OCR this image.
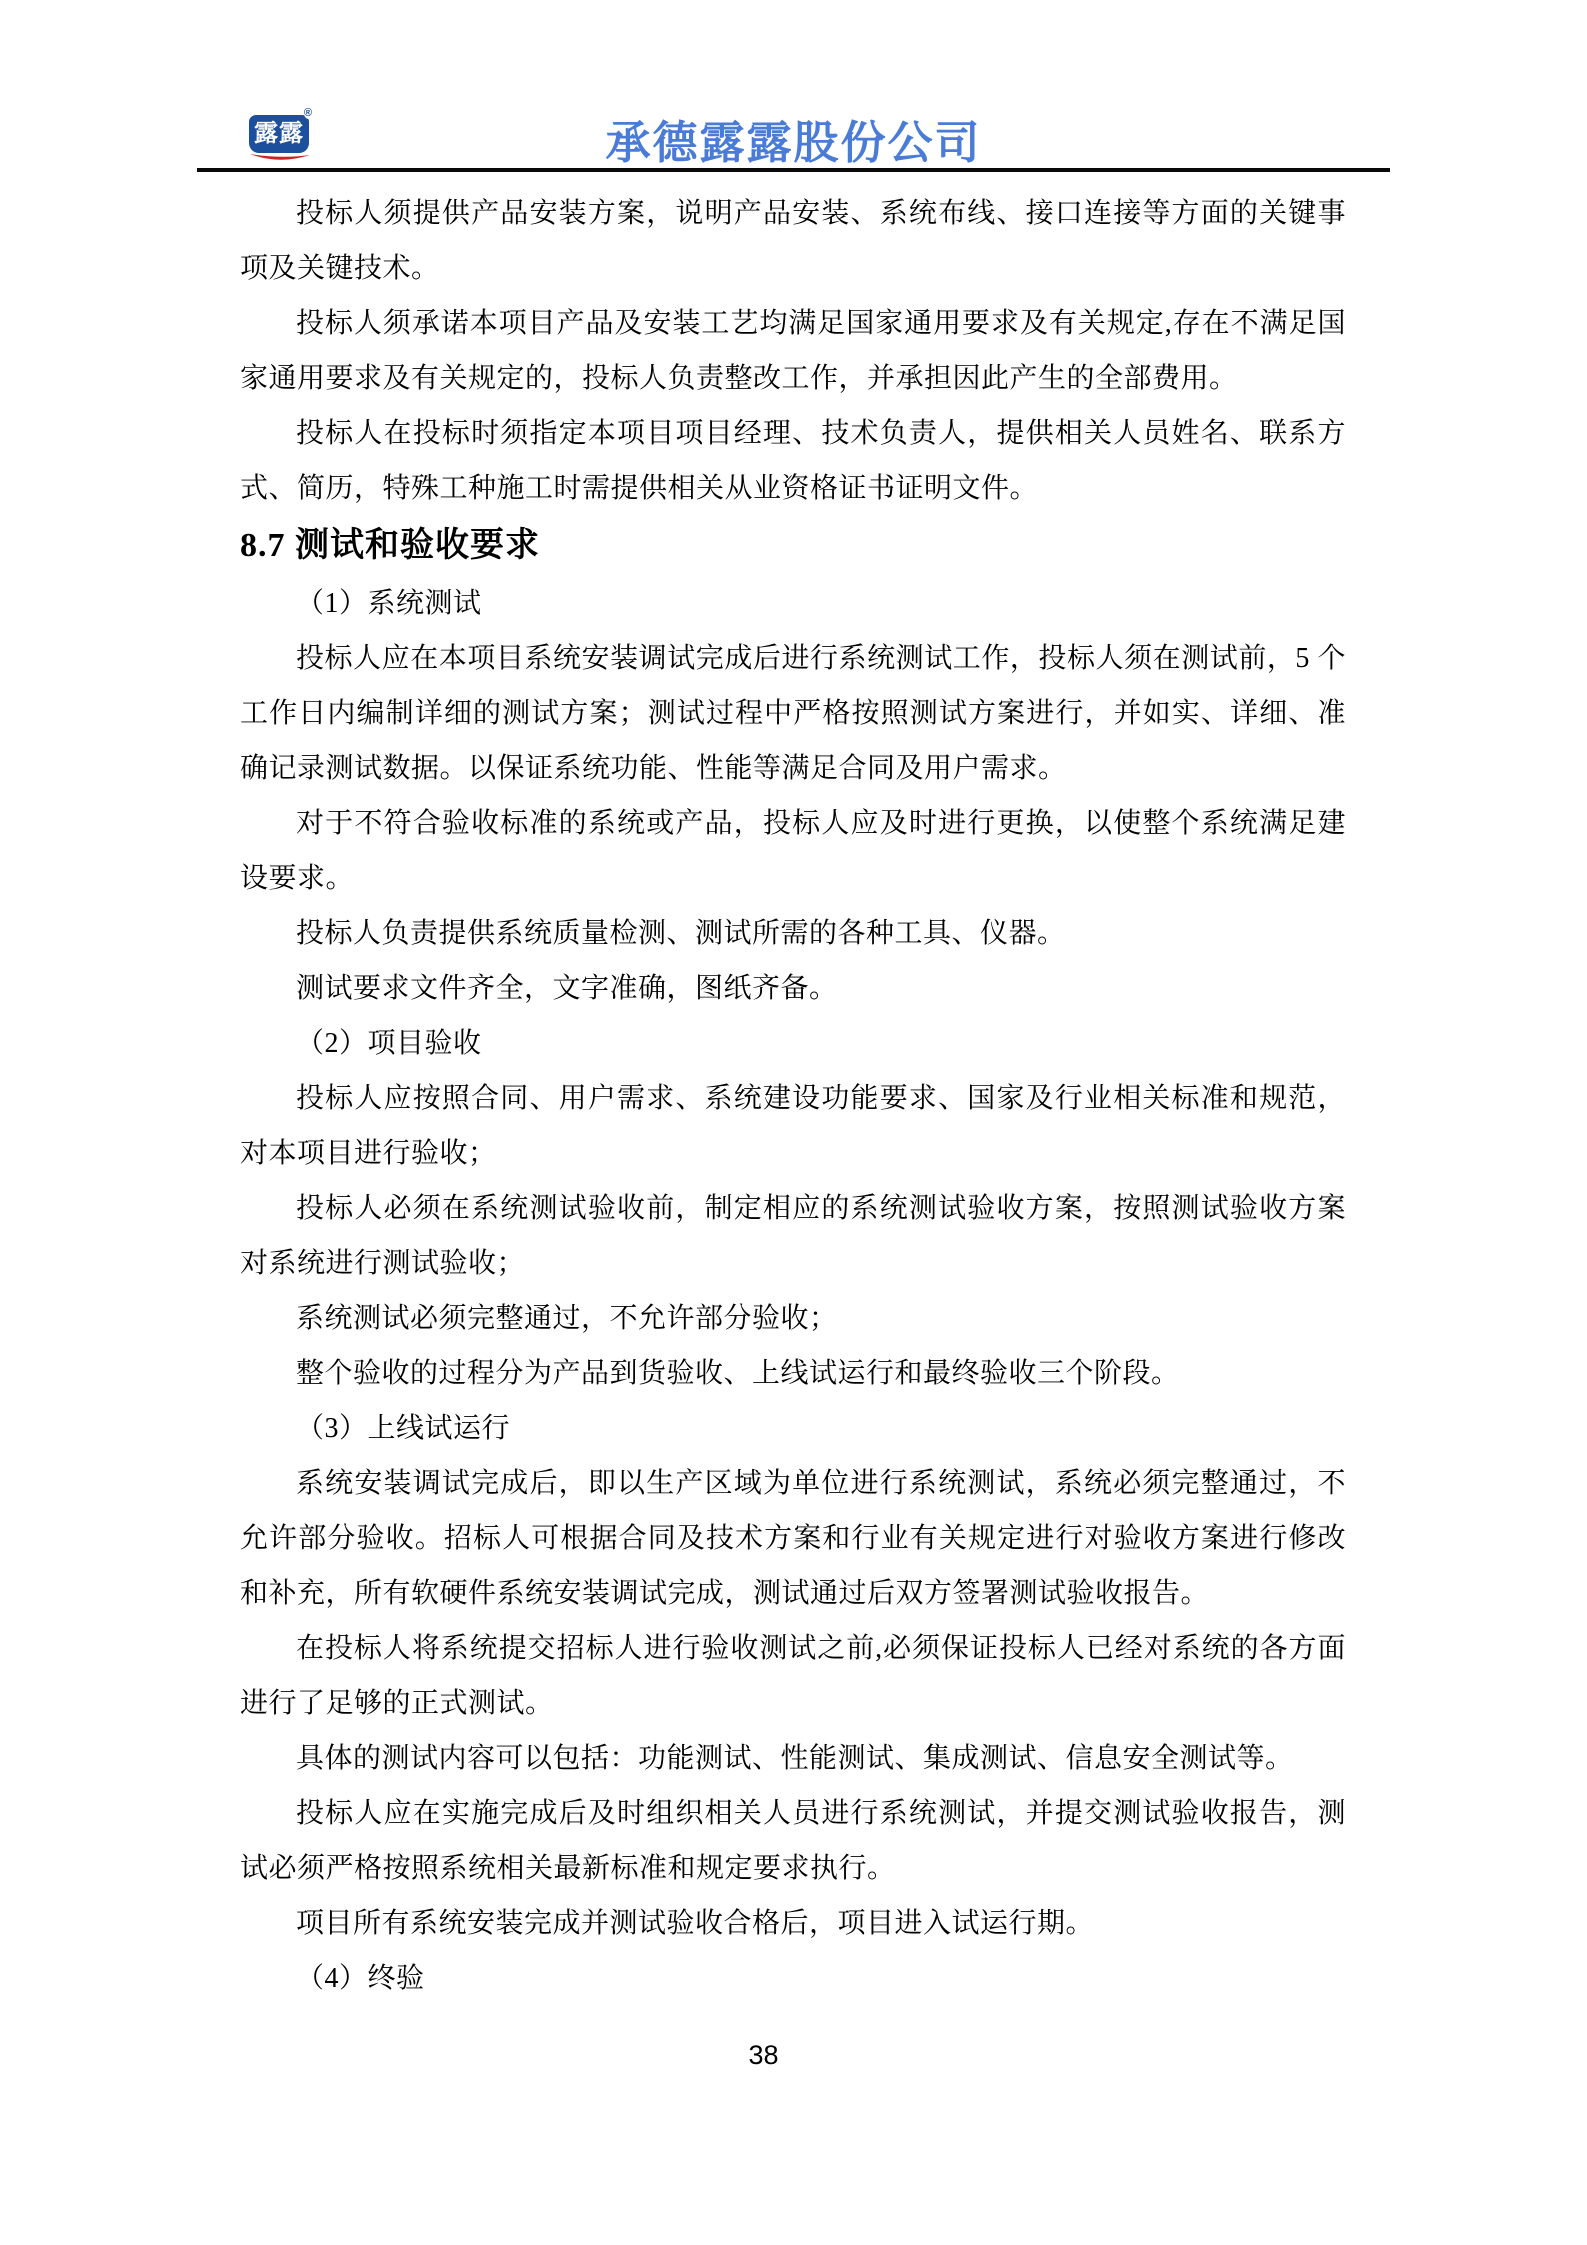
露露
®
承德露露股份公司

投标人须提供产品安装方案，说明产品安装、系统布线、接口连接等方面的关键事项及关键技术。

投标人须承诺本项目产品及安装工艺均满足国家通用要求及有关规定,存在不满足国家通用要求及有关规定的，投标人负责整改工作，并承担因此产生的全部费用。

投标人在投标时须指定本项目项目经理、技术负责人，提供相关人员姓名、联系方式、简历，特殊工种施工时需提供相关从业资格证书证明文件。

8.7 测试和验收要求

（1）系统测试

投标人应在本项目系统安装调试完成后进行系统测试工作，投标人须在测试前，5 个工作日内编制详细的测试方案；测试过程中严格按照测试方案进行，并如实、详细、准确记录测试数据。以保证系统功能、性能等满足合同及用户需求。

对于不符合验收标准的系统或产品，投标人应及时进行更换，以使整个系统满足建设要求。

投标人负责提供系统质量检测、测试所需的各种工具、仪器。

测试要求文件齐全，文字准确，图纸齐备。

（2）项目验收

投标人应按照合同、用户需求、系统建设功能要求、国家及行业相关标准和规范，对本项目进行验收；

投标人必须在系统测试验收前，制定相应的系统测试验收方案，按照测试验收方案对系统进行测试验收；

系统测试必须完整通过，不允许部分验收；

整个验收的过程分为产品到货验收、上线试运行和最终验收三个阶段。

（3）上线试运行

系统安装调试完成后，即以生产区域为单位进行系统测试，系统必须完整通过，不允许部分验收。招标人可根据合同及技术方案和行业有关规定进行对验收方案进行修改和补充，所有软硬件系统安装调试完成，测试通过后双方签署测试验收报告。

在投标人将系统提交招标人进行验收测试之前,必须保证投标人已经对系统的各方面进行了足够的正式测试。

具体的测试内容可以包括：功能测试、性能测试、集成测试、信息安全测试等。

投标人应在实施完成后及时组织相关人员进行系统测试，并提交测试验收报告，测试必须严格按照系统相关最新标准和规定要求执行。

项目所有系统安装完成并测试验收合格后，项目进入试运行期。

（4）终验

38
